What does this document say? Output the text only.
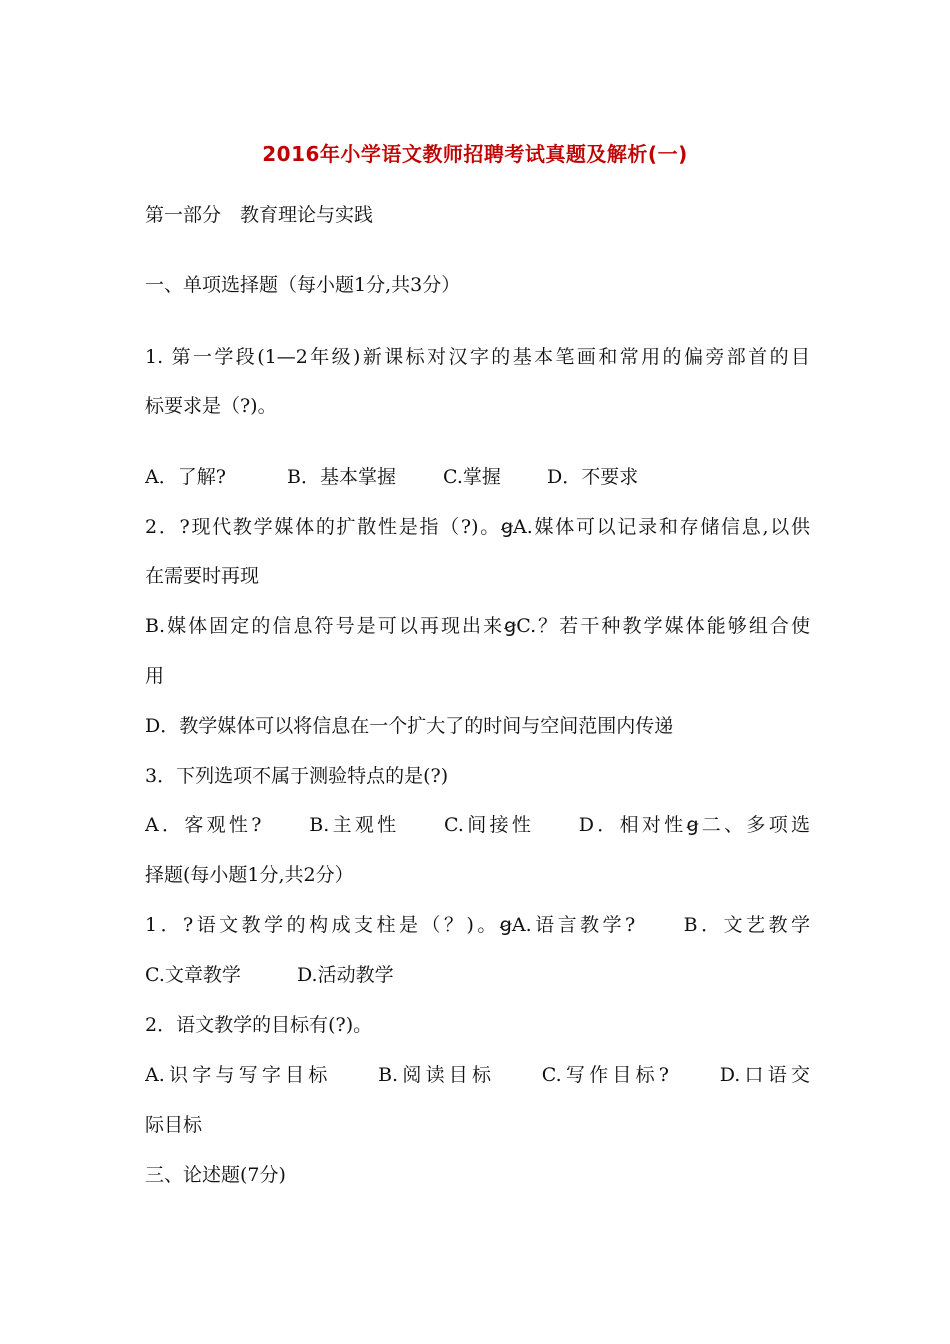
2016年小学语文教师招聘考试真题及解析(一)
第一部分　教育理论与实践
一、单项选择题（每小题1分,共3分）
1. 第一学段(1—2年级)新课标对汉字的基本笔画和常用的偏旁部首的目
标要求是（?)。
A．了解?	B．基本掌握	C.掌握	D．不要求
2．?现代教学媒体的扩散性是指（?)。ꞡA.媒体可以记录和存储信息,以供
在需要时再现
B.媒体固定的信息符号是可以再现出来ꞡC.？若干种教学媒体能够组合使
用
D．教学媒体可以将信息在一个扩大了的时间与空间范围内传递
3．下列选项不属于测验特点的是(?)
A．客观性?　　B.主观性　　C.间接性　　D．相对性ꞡ二、多项选
择题(每小题1分,共2分）
1．?语文教学的构成支柱是（？)。ꞡA.语言教学?　　B．文艺教学
C.文章教学	D.活动教学
2．语文教学的目标有(?)。
A.识字与写字目标　　B.阅读目标　　C.写作目标?　　D.口语交
际目标
三、论述题(7分)
